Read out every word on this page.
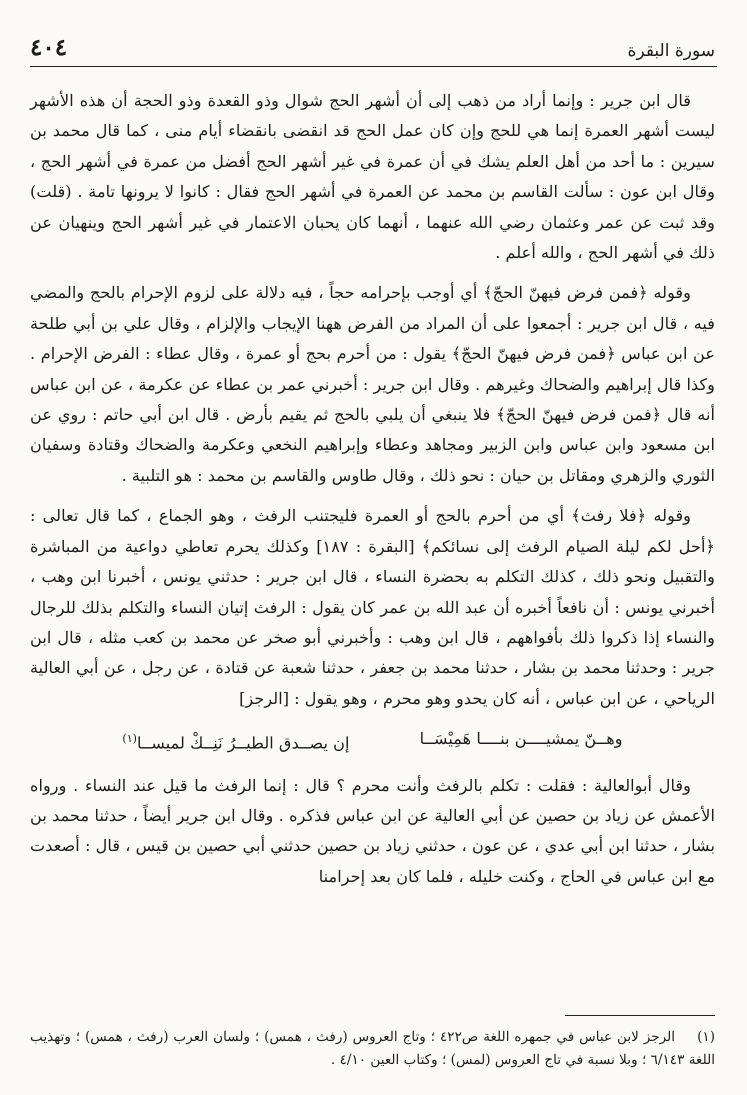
سورة البقرة
٤٠٤

قال ابن جرير : وإنما أراد من ذهب إلى أن أشهر الحج شوال وذو القعدة وذو الحجة أن هذه الأشهر ليست أشهر العمرة إنما هي للحج وإن كان عمل الحج قد انقضى بانقضاء أيام منى ، كما قال محمد بن سيرين : ما أحد من أهل العلم يشك في أن عمرة في غير أشهر الحج أفضل من عمرة في أشهر الحج ، وقال ابن عون : سألت القاسم بن محمد عن العمرة في أشهر الحج فقال : كانوا لا يرونها تامة . (قلت) وقد ثبت عن عمر وعثمان رضي الله عنهما ، أنهما كان يحبان الاعتمار في غير أشهر الحج وينهيان عن ذلك في أشهر الحج ، والله أعلم .

وقوله ﴿فمن فرض فيهنّ الحجّ﴾ أي أوجب بإحرامه حجاً ، فيه دلالة على لزوم الإحرام بالحج والمضي فيه ، قال ابن جرير : أجمعوا على أن المراد من الفرض ههنا الإيجاب والإلزام ، وقال علي بن أبي طلحة عن ابن عباس ﴿فمن فرض فيهنّ الحجّ﴾ يقول : من أحرم بحج أو عمرة ، وقال عطاء : الفرض الإحرام . وكذا قال إبراهيم والضحاك وغيرهم . وقال ابن جرير : أخبرني عمر بن عطاء عن عكرمة ، عن ابن عباس أنه قال ﴿فمن فرض فيهنّ الحجّ﴾ فلا ينبغي أن يلبي بالحج ثم يقيم بأرض . قال ابن أبي حاتم : روي عن ابن مسعود وابن عباس وابن الزبير ومجاهد وعطاء وإبراهيم النخعي وعكرمة والضحاك وقتادة وسفيان الثوري والزهري ومقاتل بن حيان : نحو ذلك ، وقال طاوس والقاسم بن محمد : هو التلبية .

وقوله ﴿فلا رفث﴾ أي من أحرم بالحج أو العمرة فليجتنب الرفث ، وهو الجماع ، كما قال تعالى : ﴿أحل لكم ليلة الصيام الرفث إلى نسائكم﴾ [البقرة : ١٨٧] وكذلك يحرم تعاطي دواعية من المباشرة والتقبيل ونحو ذلك ، كذلك التكلم به بحضرة النساء ، قال ابن جرير : حدثني يونس ، أخبرنا ابن وهب ، أخبرني يونس : أن نافعاً أخبره أن عبد الله بن عمر كان يقول : الرفث إتيان النساء والتكلم بذلك للرجال والنساء إذا ذكروا ذلك بأفواههم ، قال ابن وهب : وأخبرني أبو صخر عن محمد بن كعب مثله ، قال ابن جرير : وحدثنا محمد بن بشار ، حدثنا محمد بن جعفر ، حدثنا شعبة عن قتادة ، عن رجل ، عن أبي العالية الرياحي ، عن ابن عباس ، أنه كان يحدو وهو محرم ، وهو يقول : [الرجز]

وهــنّ يمشيــــن بنــــا هَمِيْسَــا
إن يصــدق الطيــرُ نَنِــكْ لميســا$^{(١)}$

وقال أبوالعالية : فقلت : تكلم بالرفث وأنت محرم ؟ قال : إنما الرفث ما قيل عند النساء . ورواه الأعمش عن زياد بن حصين عن أبي العالية عن ابن عباس فذكره . وقال ابن جرير أيضاً ، حدثنا محمد بن بشار ، حدثنا ابن أبي عدي ، عن عون ، حدثني زياد بن حصين حدثني أبي حصين بن قيس ، قال : أصعدت مع ابن عباس في الحاج ، وكنت خليله ، فلما كان بعد إحرامنا

(١)الرجز لابن عباس في جمهره اللغة ص٤٢٢ ؛ وتاج العروس (رفث ، همس) ؛ ولسان العرب (رفث ، همس) ؛ وتهذيب اللغة ٦/١٤٣ ؛ وبلا نسبة في تاج العروس (لمس) ؛ وكتاب العين ٤/١٠ .
